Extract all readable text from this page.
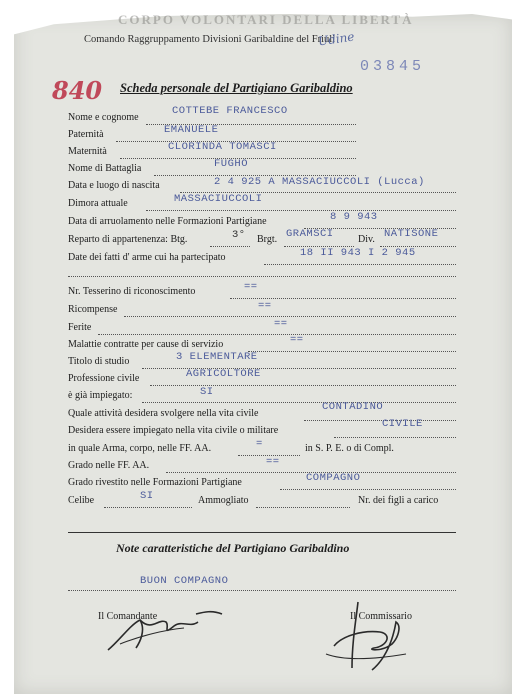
CORPO VOLONTARI DELLA LIBERTÀ
Comando Raggruppamento Divisioni Garibaldine del Friuli
Udine
03845
840 Scheda personale del Partigiano Garibaldino
Nome e cognome
COTTEBE FRANCESCO
Paternità	EMANUELE
Maternità	CLORINDA TOMASCI
Nome di Battaglia	FUGHO
Data e luogo di nascita	2 4 925 A MASSACIUCCOLI (Lucca)
Dimora attuale	MASSACIUCCOLI
Data di arruolamento nelle Formazioni Partigiane	8 9 943
Reparto di appartenenza: Btg.	3° Brgt. GRAMSCI Div. NATISONE
Date dei fatti d' arme cui ha partecipato	18 II 943 I 2 945
Nr. Tesserino di riconoscimento	==
Ricompense	==
Ferite	==
Malattie contratte per cause di servizio	==
Titolo di studio	3 ELEMENTARE
Professione civile	AGRICOLTORE
è già impiegato:	SI
Quale attività desidera svolgere nella vita civile
CONTADINO
Desidera essere impiegato nella vita civile o militare
CIVILE
in quale Arma, corpo, nelle FF. AA.	=	in S. P. E. o di Compl.
Grado nelle FF. AA.	==
Grado rivestito nelle Formazioni Partigiane	COMPAGNO
Celibe	SI	Ammogliato	Nr. dei figli a carico
Note caratteristiche del Partigiano Garibaldino
BUON COMPAGNO
Il Comandante	Il Commissario
